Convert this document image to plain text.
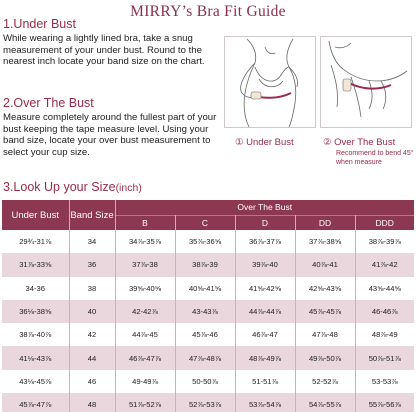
MIRRY’s Bra Fit Guide
1.Under Bust
While wearing a lightly lined bra, take a snug measurement of your under bust. Round to the nearest inch locate your band size on the chart.
2.Over The Bust
Measure completely around the fullest part of your bust keeping the tape measure level. Using your band size, locate your over bust measurement to select your cup size.
① Under Bust	② Over The Bust
Recommend to bend 45° when measure
3.Look Up your Size(inch)
Under Bust	Band Size	Over The Bust				
		B	C	D	DD	DDD
29¾-31⅞	34	34⅞-35⅞	35⅞-36⅝	36⅞-37⅞	37⅞-38⅝	38⅞-39⅞
31⅞-33⅝	36	37⅞-38	38⅞-39	39⅞-40	40⅞-41	41⅞-42
34-36	38	39⅝-40⅝	40⅝-41⅝	41⅝-42⅝	42⅝-43⅝	43⅝-44⅝
36⅛-38⅝	40	42-42⅞	43-43⅞	44⅞-44⅞	45⅞-45⅞	46-46⅞
38⅞-40⅞	42	44⅞-45	45⅞-46	46⅞-47	47⅞-48	48⅞-49
41⅛-43⅞	44	46⅞-47⅞	47⅞-48⅞	48⅞-49⅞	49⅞-50⅞	50⅞-51⅞
43⅛-45⅞	46	49-49⅞	50-50⅞	51-51⅞	52-52⅞	53-53⅞
45⅞-47⅞	48	51⅞-52⅞	52⅞-53⅞	53⅞-54⅞	54⅞-55⅞	55⅞-56⅞
